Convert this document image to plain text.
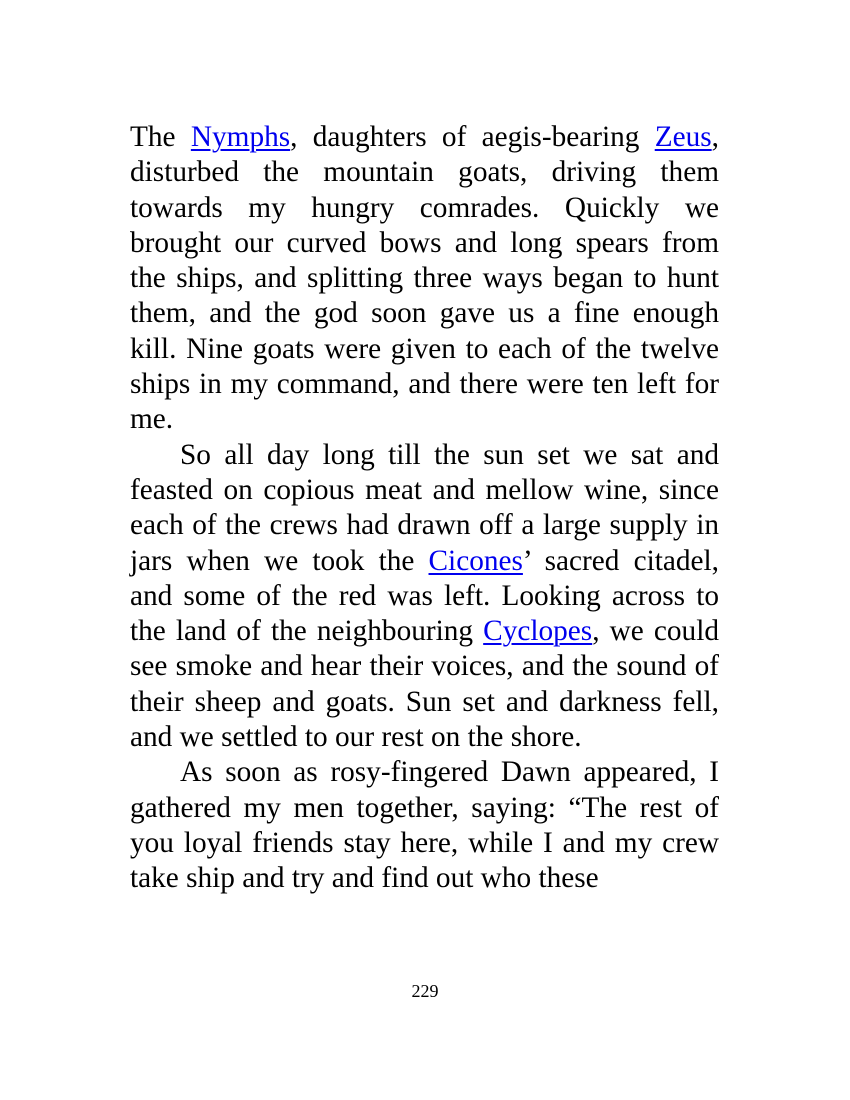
The Nymphs, daughters of aegis-bearing Zeus, disturbed the mountain goats, driving them towards my hungry comrades. Quickly we brought our curved bows and long spears from the ships, and splitting three ways began to hunt them, and the god soon gave us a fine enough kill. Nine goats were given to each of the twelve ships in my command, and there were ten left for me.

So all day long till the sun set we sat and feasted on copious meat and mellow wine, since each of the crews had drawn off a large supply in jars when we took the Cicones’ sacred citadel, and some of the red was left. Looking across to the land of the neighbouring Cyclopes, we could see smoke and hear their voices, and the sound of their sheep and goats. Sun set and darkness fell, and we settled to our rest on the shore.

As soon as rosy-fingered Dawn appeared, I gathered my men together, saying: “The rest of you loyal friends stay here, while I and my crew take ship and try and find out who these

229
